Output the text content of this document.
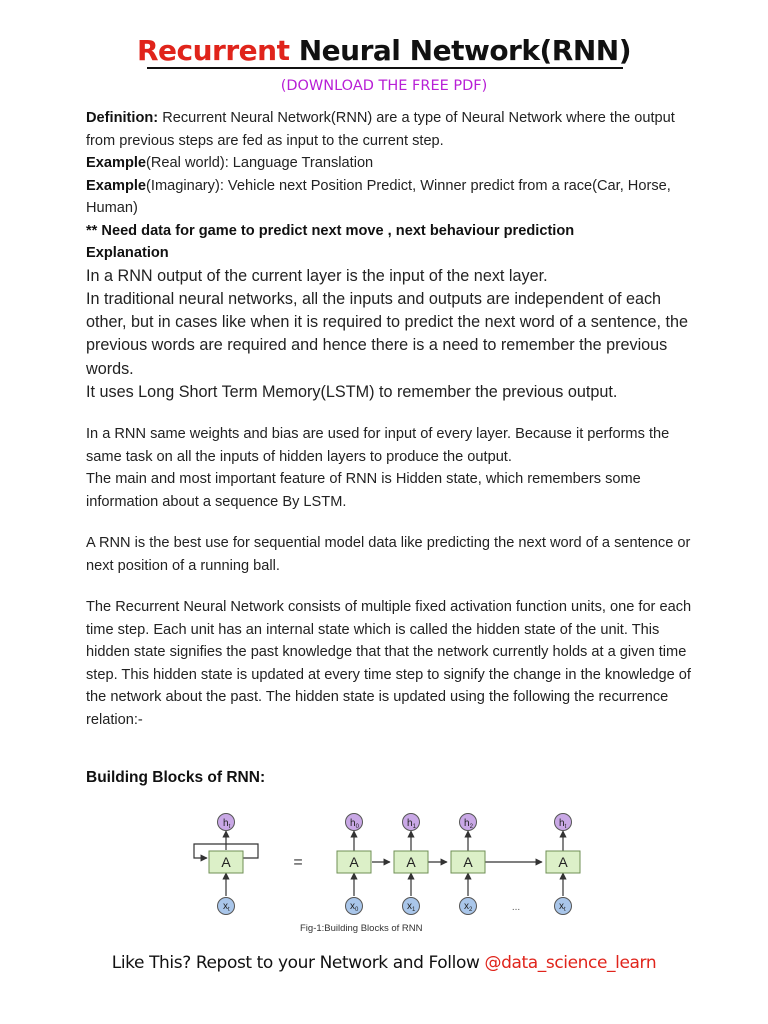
Recurrent Neural Network(RNN)
(DOWNLOAD THE FREE PDF)

Definition: Recurrent Neural Network(RNN) are a type of Neural Network where the output from previous steps are fed as input to the current step.

Example(Real world): Language Translation

Example(Imaginary): Vehicle next Position Predict, Winner predict from a race(Car, Horse, Human)

** Need data for game to predict next move , next behaviour prediction

Explanation

In a RNN output of the current layer is the input of the next layer.

In traditional neural networks, all the inputs and outputs are independent of each other, but in cases like when it is required to predict the next word of a sentence, the previous words are required and hence there is a need to remember the previous words.

It uses Long Short Term Memory(LSTM) to remember the previous output.

In a RNN same weights and bias are used for input of every layer. Because it performs the same task on all the inputs of hidden layers to produce the output.

The main and most important feature of RNN is Hidden state, which remembers some information about a sequence By LSTM.

A RNN is the best use for sequential model data like predicting the next word of a sentence or next position of a running ball.

The Recurrent Neural Network consists of multiple fixed activation function units, one for each time step. Each unit has an internal state which is called the hidden state of the unit. This hidden state signifies the past knowledge that that the network currently holds at a given time step. This hidden state is updated at every time step to signify the change in the knowledge of the network about the past. The hidden state is updated using the following the recurrence relation:-

Building Blocks of RNN:
A
$h_t$
$x_t$
=	A
$h_0$
$x_0$
A
$h_1$
$x_1$
A
$h_2$
$x_2$	...
A
$h_t$
$x_t$
Fig-1:Building Blocks of RNN
Like This? Repost to your Network and Follow @data_science_learn
